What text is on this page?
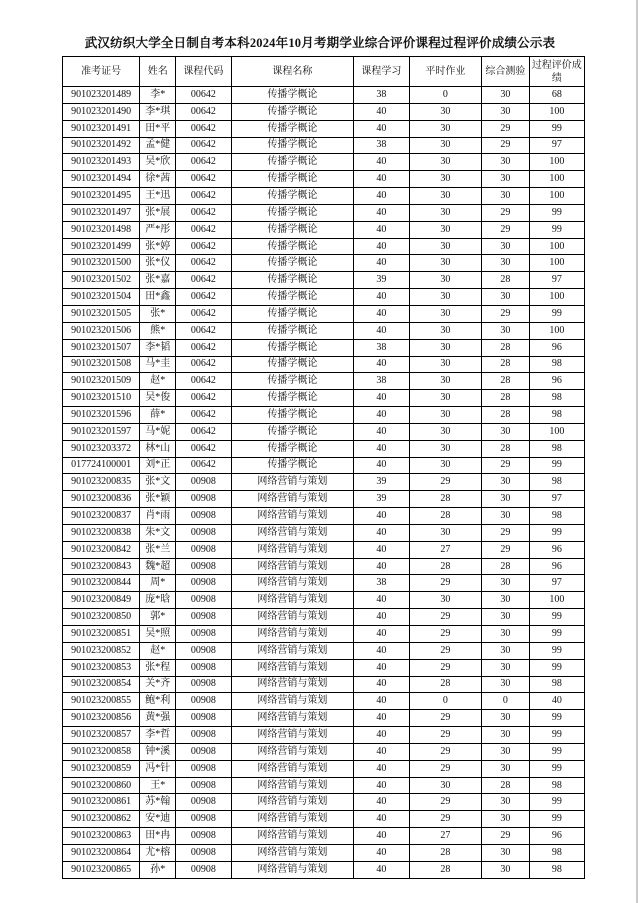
武汉纺织大学全日制自考本科2024年10月考期学业综合评价课程过程评价成绩公示表
准考证号	姓名	课程代码	课程名称	课程学习	平时作业	综合测验	过程评价成绩
901023201489	李*	00642	传播学概论	38	0	30	68
901023201490	李*琪	00642	传播学概论	40	30	30	100
901023201491	田*平	00642	传播学概论	40	30	29	99
901023201492	孟*健	00642	传播学概论	38	30	29	97
901023201493	吴*欣	00642	传播学概论	40	30	30	100
901023201494	徐*茜	00642	传播学概论	40	30	30	100
901023201495	王*迅	00642	传播学概论	40	30	30	100
901023201497	张*展	00642	传播学概论	40	30	29	99
901023201498	严*彤	00642	传播学概论	40	30	29	99
901023201499	张*婷	00642	传播学概论	40	30	30	100
901023201500	张*仪	00642	传播学概论	40	30	30	100
901023201502	张*嘉	00642	传播学概论	39	30	28	97
901023201504	田*鑫	00642	传播学概论	40	30	30	100
901023201505	张*	00642	传播学概论	40	30	29	99
901023201506	熊*	00642	传播学概论	40	30	30	100
901023201507	李*韬	00642	传播学概论	38	30	28	96
901023201508	马*圭	00642	传播学概论	40	30	28	98
901023201509	赵*	00642	传播学概论	38	30	28	96
901023201510	吴*俊	00642	传播学概论	40	30	28	98
901023201596	薛*	00642	传播学概论	40	30	28	98
901023201597	马*妮	00642	传播学概论	40	30	30	100
901023203372	林*山	00642	传播学概论	40	30	28	98
017724100001	刘*正	00642	传播学概论	40	30	29	99
901023200835	张*文	00908	网络营销与策划	39	29	30	98
901023200836	张*颖	00908	网络营销与策划	39	28	30	97
901023200837	肖*雨	00908	网络营销与策划	40	28	30	98
901023200838	朱*文	00908	网络营销与策划	40	30	29	99
901023200842	张*兰	00908	网络营销与策划	40	27	29	96
901023200843	魏*超	00908	网络营销与策划	40	28	28	96
901023200844	周*	00908	网络营销与策划	38	29	30	97
901023200849	庞*晗	00908	网络营销与策划	40	30	30	100
901023200850	郭*	00908	网络营销与策划	40	29	30	99
901023200851	吴*照	00908	网络营销与策划	40	29	30	99
901023200852	赵*	00908	网络营销与策划	40	29	30	99
901023200853	张*程	00908	网络营销与策划	40	29	30	99
901023200854	关*齐	00908	网络营销与策划	40	28	30	98
901023200855	鲍*利	00908	网络营销与策划	40	0	0	40
901023200856	黄*强	00908	网络营销与策划	40	29	30	99
901023200857	李*哲	00908	网络营销与策划	40	29	30	99
901023200858	钟*溪	00908	网络营销与策划	40	29	30	99
901023200859	冯*针	00908	网络营销与策划	40	29	30	99
901023200860	王*	00908	网络营销与策划	40	30	28	98
901023200861	苏*翰	00908	网络营销与策划	40	29	30	99
901023200862	安*迪	00908	网络营销与策划	40	29	30	99
901023200863	田*冉	00908	网络营销与策划	40	27	29	96
901023200864	尤*榕	00908	网络营销与策划	40	28	30	98
901023200865	孙*	00908	网络营销与策划	40	28	30	98
